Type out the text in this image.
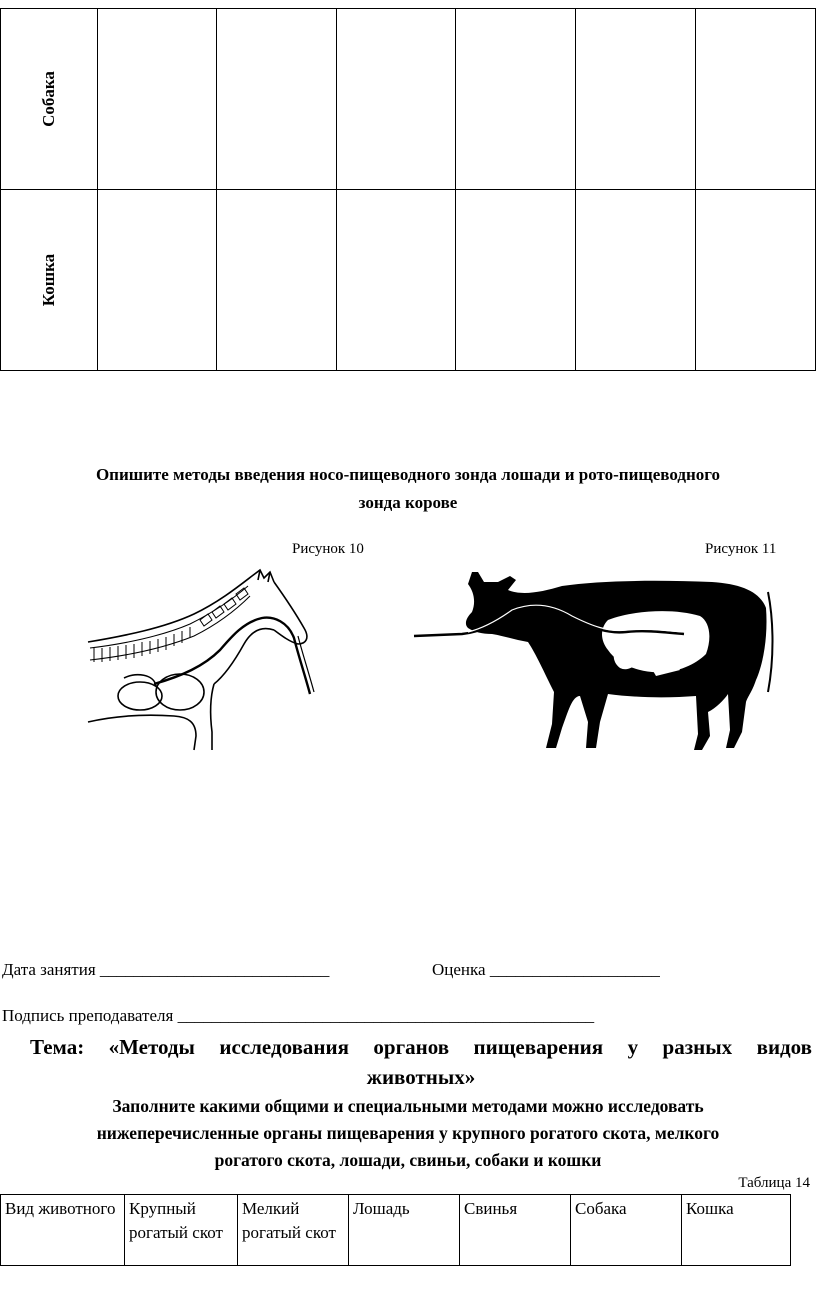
Собака						

Кошка						

Опишите методы введения носо-пищеводного зонда лошади и рото-пищеводного
зонда корове
Рисунок 10	Рисунок 11
Дата занятия ___________________________	Оценка ____________________
Подпись преподавателя _________________________________________________
Тема: «Методы исследования органов пищеварения у разных видов животных»
Заполните какими общими и специальными методами можно исследовать
нижеперечисленные органы пищеварения у крупного рогатого скота, мелкого
рогатого скота, лошади, свиньи, собаки и кошки
Таблица 14
Вид животного	Крупный рогатый скот	Мелкий рогатый скот	Лошадь	Свинья	Собака	Кошка
